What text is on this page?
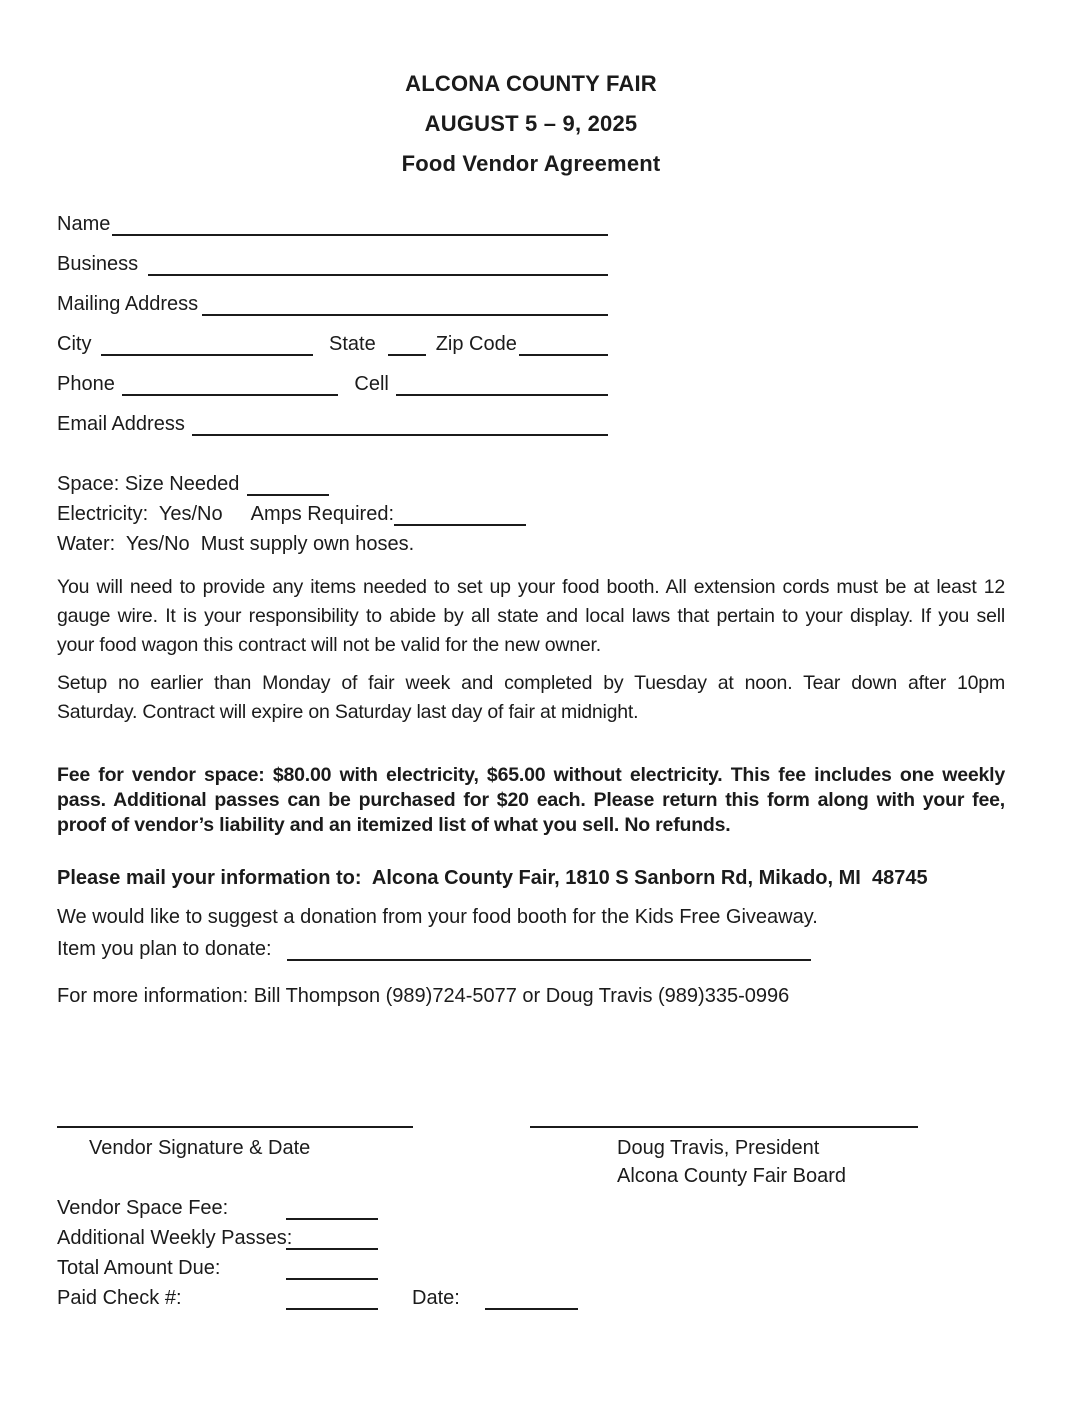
ALCONA COUNTY FAIR
AUGUST 5 – 9, 2025
Food Vendor Agreement
Name
Business
Mailing Address
City	State	Zip Code
Phone	Cell
Email Address
Space: Size Needed
Electricity:  Yes/No Amps Required:
Water:  Yes/No  Must supply own hoses.
You will need to provide any items needed to set up your food booth. All extension cords must be at least 12
gauge wire. It is your responsibility to abide by all state and local laws that pertain to your display. If you sell
your food wagon this contract will not be valid for the new owner.
Setup no earlier than Monday of fair week and completed by Tuesday at noon. Tear down after 10pm
Saturday. Contract will expire on Saturday last day of fair at midnight.
Fee for vendor space: $80.00 with electricity, $65.00 without electricity. This fee includes one weekly
pass. Additional passes can be purchased for $20 each. Please return this form along with your fee,
proof of vendor’s liability and an itemized list of what you sell. No refunds.
Please mail your information to:  Alcona County Fair, 1810 S Sanborn Rd, Mikado, MI  48745
We would like to suggest a donation from your food booth for the Kids Free Giveaway.
Item you plan to donate:
For more information: Bill Thompson (989)724-5077 or Doug Travis (989)335-0996
Vendor Signature & Date	Doug Travis, President
Alcona County Fair Board
Vendor Space Fee:
Additional Weekly Passes:
Total Amount Due:
Paid Check #:	Date:
